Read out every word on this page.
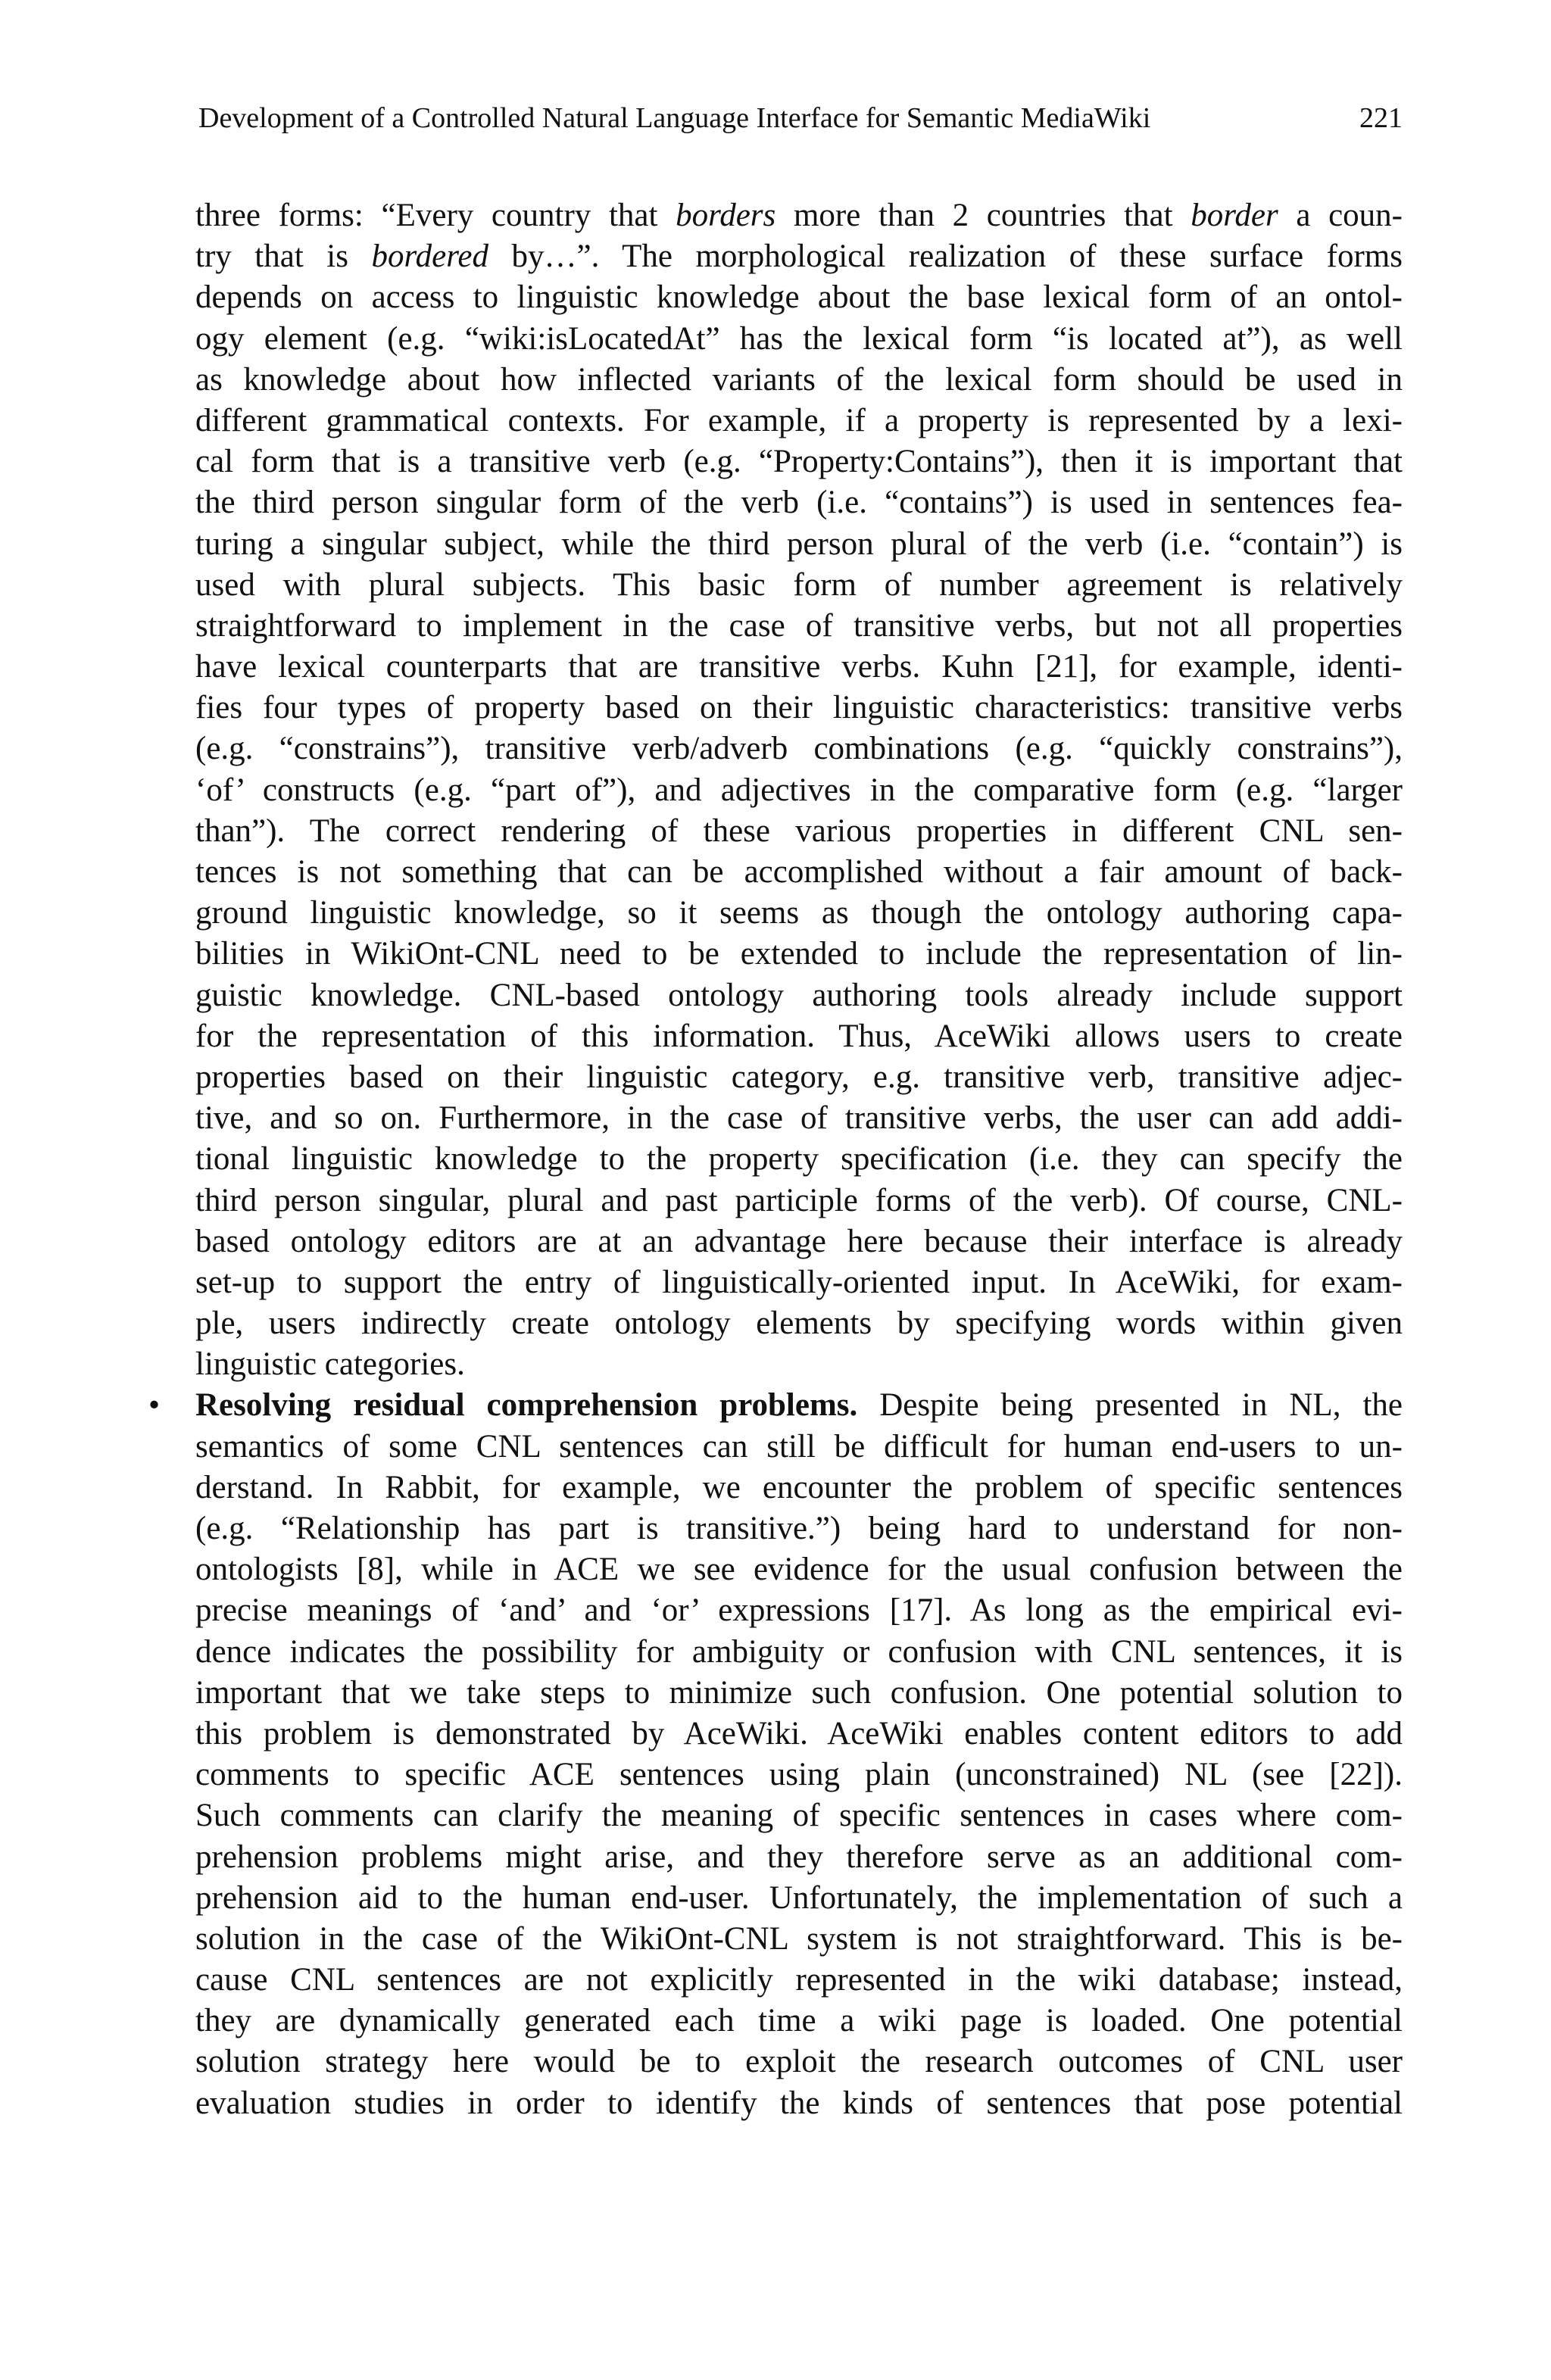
Development of a Controlled Natural Language Interface for Semantic MediaWiki	221
three forms: “Every country that borders more than 2 countries that border a coun-
try that is bordered by…”. The morphological realization of these surface forms
depends on access to linguistic knowledge about the base lexical form of an ontol-
ogy element (e.g. “wiki:isLocatedAt” has the lexical form “is located at”), as well
as knowledge about how inflected variants of the lexical form should be used in
different grammatical contexts. For example, if a property is represented by a lexi-
cal form that is a transitive verb (e.g. “Property:Contains”), then it is important that
the third person singular form of the verb (i.e. “contains”) is used in sentences fea-
turing a singular subject, while the third person plural of the verb (i.e. “contain”) is
used with plural subjects. This basic form of number agreement is relatively
straightforward to implement in the case of transitive verbs, but not all properties
have lexical counterparts that are transitive verbs. Kuhn [21], for example, identi-
fies four types of property based on their linguistic characteristics: transitive verbs
(e.g. “constrains”), transitive verb/adverb combinations (e.g. “quickly constrains”),
‘of’ constructs (e.g. “part of”), and adjectives in the comparative form (e.g. “larger
than”). The correct rendering of these various properties in different CNL sen-
tences is not something that can be accomplished without a fair amount of back-
ground linguistic knowledge, so it seems as though the ontology authoring capa-
bilities in WikiOnt-CNL need to be extended to include the representation of lin-
guistic knowledge. CNL-based ontology authoring tools already include support
for the representation of this information. Thus, AceWiki allows users to create
properties based on their linguistic category, e.g. transitive verb, transitive adjec-
tive, and so on. Furthermore, in the case of transitive verbs, the user can add addi-
tional linguistic knowledge to the property specification (i.e. they can specify the
third person singular, plural and past participle forms of the verb). Of course, CNL-
based ontology editors are at an advantage here because their interface is already
set-up to support the entry of linguistically-oriented input. In AceWiki, for exam-
ple, users indirectly create ontology elements by specifying words within given
linguistic categories.
• Resolving residual comprehension problems. Despite being presented in NL, the
semantics of some CNL sentences can still be difficult for human end-users to un-
derstand. In Rabbit, for example, we encounter the problem of specific sentences
(e.g. “Relationship has part is transitive.”) being hard to understand for non-
ontologists [8], while in ACE we see evidence for the usual confusion between the
precise meanings of ‘and’ and ‘or’ expressions [17]. As long as the empirical evi-
dence indicates the possibility for ambiguity or confusion with CNL sentences, it is
important that we take steps to minimize such confusion. One potential solution to
this problem is demonstrated by AceWiki. AceWiki enables content editors to add
comments to specific ACE sentences using plain (unconstrained) NL (see [22]).
Such comments can clarify the meaning of specific sentences in cases where com-
prehension problems might arise, and they therefore serve as an additional com-
prehension aid to the human end-user. Unfortunately, the implementation of such a
solution in the case of the WikiOnt-CNL system is not straightforward. This is be-
cause CNL sentences are not explicitly represented in the wiki database; instead,
they are dynamically generated each time a wiki page is loaded. One potential
solution strategy here would be to exploit the research outcomes of CNL user
evaluation studies in order to identify the kinds of sentences that pose potential
